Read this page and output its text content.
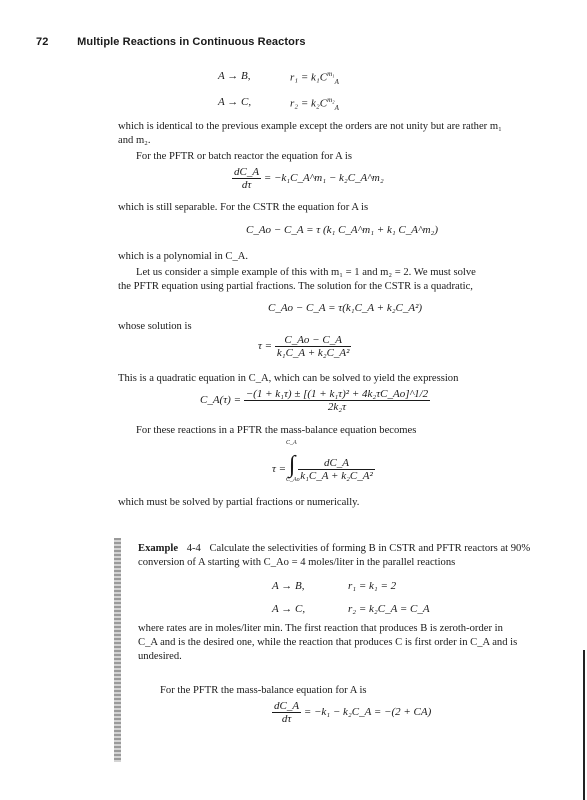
72	Multiple Reactions in Continuous Reactors
A → B,	$r_1 = k_1C^{m_1}_A$
A → C,	$r_2 = k_2C^{m_2}_A$
which is identical to the previous example except the orders are not unity but are rather m₁
and m₂.
For the PFTR or batch reactor the equation for A is
$\frac{dC\_A}{d\tau}$ = −k₁C_A^m₁ − k₂C_A^m₂
which is still separable. For the CSTR the equation for A is
C_Ao − C_A = τ (k₁ C_A^m₁ + k₁ C_A^m₂)
which is a polynomial in C_A.
Let us consider a simple example of this with m₁ = 1 and m₂ = 2. We must solve
the PFTR equation using partial fractions. The solution for the CSTR is a quadratic,
C_Ao − C_A = τ(k₁C_A + k₂C_A²)
whose solution is
$\tau = \frac{C\_Ao - C\_A}{\text{k₁C\_A + k₂C\_A²}}$
This is a quadratic equation in C_A, which can be solved to yield the expression
C_A(τ) = $\frac{\text{−(1 + k₁τ) ± [(1 + k₁τ)² + 4k₂τC\_Ao]\textasciicircum{}1/2}}{\text{2k₂τ}}$
For these reactions in a PFTR the mass-balance equation becomes
C_A
τ = ∫ $\frac{dC\_A}{\text{k₁C\_A + k₂C\_A²}}$
C_Ao
which must be solved by partial fractions or numerically.
Example 4-4 Calculate the selectivities of forming B in CSTR and PFTR reactors at 90%
conversion of A starting with C_Ao = 4 moles/liter in the parallel reactions
A → B,	r₁ = k₁ = 2
A → C,	r₂ = k₂C_A = C_A
where rates are in moles/liter min. The first reaction that produces B is zeroth-order in
C_A and is the desired one, while the reaction that produces C is first order in C_A and is
undesired.
For the PFTR the mass-balance equation for A is
$\frac{dC\_A}{d\tau} = -k_1$ − k₂C_A = −(2 + CA)
